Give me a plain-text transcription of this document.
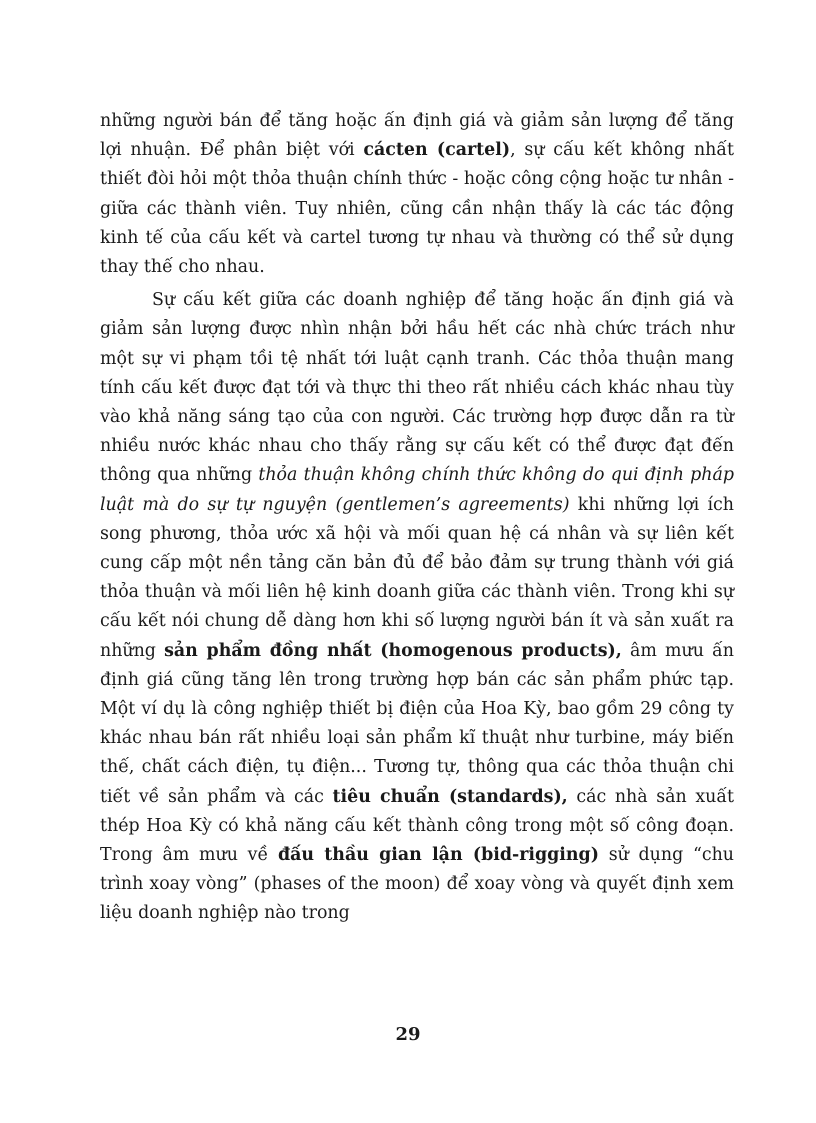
những người bán để tăng hoặc ấn định giá và giảm sản lượng để tăng lợi nhuận. Để phân biệt với cácten (cartel), sự cấu kết không nhất thiết đòi hỏi một thỏa thuận chính thức - hoặc công cộng hoặc tư nhân - giữa các thành viên. Tuy nhiên, cũng cần nhận thấy là các tác động kinh tế của cấu kết và cartel tương tự nhau và thường có thể sử dụng thay thế cho nhau.

Sự cấu kết giữa các doanh nghiệp để tăng hoặc ấn định giá và giảm sản lượng được nhìn nhận bởi hầu hết các nhà chức trách như một sự vi phạm tồi tệ nhất tới luật cạnh tranh. Các thỏa thuận mang tính cấu kết được đạt tới và thực thi theo rất nhiều cách khác nhau tùy vào khả năng sáng tạo của con người. Các trường hợp được dẫn ra từ nhiều nước khác nhau cho thấy rằng sự cấu kết có thể được đạt đến thông qua những thỏa thuận không chính thức không do qui định pháp luật mà do sự tự nguyện (gentlemen’s agreements) khi những lợi ích song phương, thỏa ước xã hội và mối quan hệ cá nhân và sự liên kết cung cấp một nền tảng căn bản đủ để bảo đảm sự trung thành với giá thỏa thuận và mối liên hệ kinh doanh giữa các thành viên. Trong khi sự cấu kết nói chung dễ dàng hơn khi số lượng người bán ít và sản xuất ra những sản phẩm đồng nhất (homogenous products), âm mưu ấn định giá cũng tăng lên trong trường hợp bán các sản phẩm phức tạp. Một ví dụ là công nghiệp thiết bị điện của Hoa Kỳ, bao gồm 29 công ty khác nhau bán rất nhiều loại sản phẩm kĩ thuật như turbine, máy biến thế, chất cách điện, tụ điện... Tương tự, thông qua các thỏa thuận chi tiết về sản phẩm và các tiêu chuẩn (standards), các nhà sản xuất thép Hoa Kỳ có khả năng cấu kết thành công trong một số công đoạn. Trong âm mưu về đấu thầu gian lận (bid-rigging) sử dụng “chu trình xoay vòng” (phases of the moon) để xoay vòng và quyết định xem liệu doanh nghiệp nào trong

29
